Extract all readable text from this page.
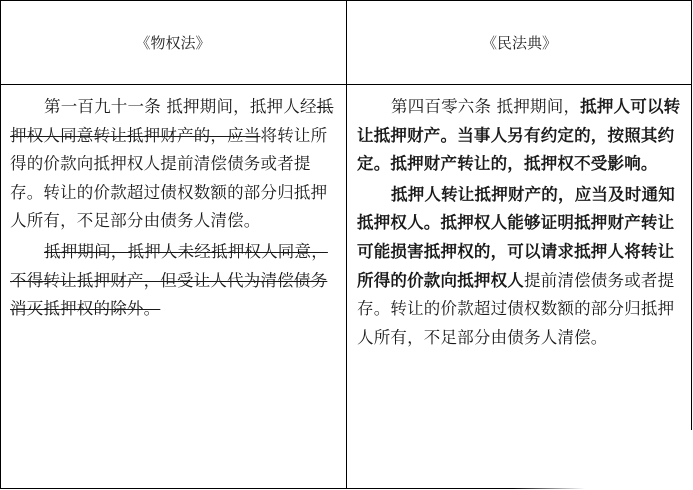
《物权法》	《民法典》

第一百九十一条 抵押期间，抵押人经抵押权人同意转让抵押财产的，应当将转让所得的价款向抵押权人提前清偿债务或者提存。转让的价款超过债权数额的部分归抵押人所有，不足部分由债务人清偿。

抵押期间，抵押人未经抵押权人同意，不得转让抵押财产，但受让人代为清偿债务消灭抵押权的除外。

第四百零六条 抵押期间，抵押人可以转让抵押财产。当事人另有约定的，按照其约定。抵押财产转让的，抵押权不受影响。

抵押人转让抵押财产的，应当及时通知抵押权人。抵押权人能够证明抵押财产转让可能损害抵押权的，可以请求抵押人将转让所得的价款向抵押权人提前清偿债务或者提存。转让的价款超过债权数额的部分归抵押人所有，不足部分由债务人清偿。
